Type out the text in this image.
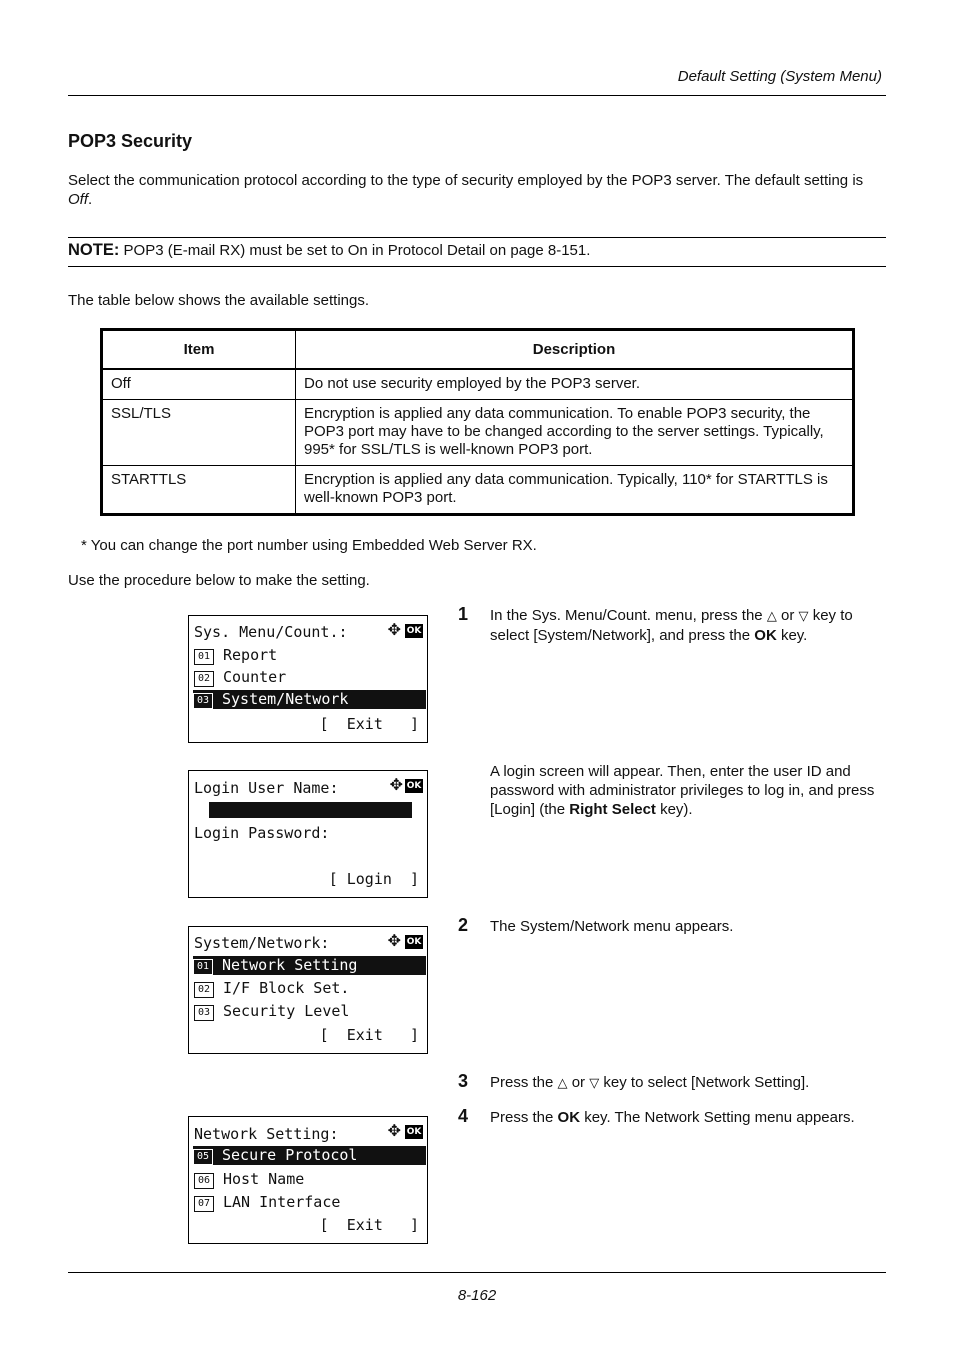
Default Setting (System Menu)
POP3 Security
Select the communication protocol according to the type of security employed by the POP3 server. The default setting is Off.
NOTE: POP3 (E-mail RX) must be set to On in Protocol Detail on page 8-151.
The table below shows the available settings.
Item	Description
Off	Do not use security employed by the POP3 server.
SSL/TLS	Encryption is applied any data communication. To enable POP3 security, the POP3 port may have to be changed according to the server settings. Typically, 995* for SSL/TLS is well-known POP3 port.
STARTTLS	Encryption is applied any data communication. Typically, 110* for STARTTLS is well-known POP3 port.
* You can change the port number using Embedded Web Server RX.
Use the procedure below to make the setting.
Sys. Menu/Count.:	✥ OK
01 Report
02 Counter
03 System/Network
[  Exit   ]
Login User Name:	✥ OK
Login Password:
[ Login  ]
System/Network:	✥ OK
01 Network Setting
02 I/F Block Set.
03 Security Level
[  Exit   ]
Network Setting:	✥ OK
05 Secure Protocol
06 Host Name
07 LAN Interface
[  Exit   ]
1 In the Sys. Menu/Count. menu, press the △ or ▽ key to select [System/Network], and press the OK key.
A login screen will appear. Then, enter the user ID and password with administrator privileges to log in, and press [Login] (the Right Select key).
2 The System/Network menu appears.
3 Press the △ or ▽ key to select [Network Setting].
4 Press the OK key. The Network Setting menu appears.
8-162
